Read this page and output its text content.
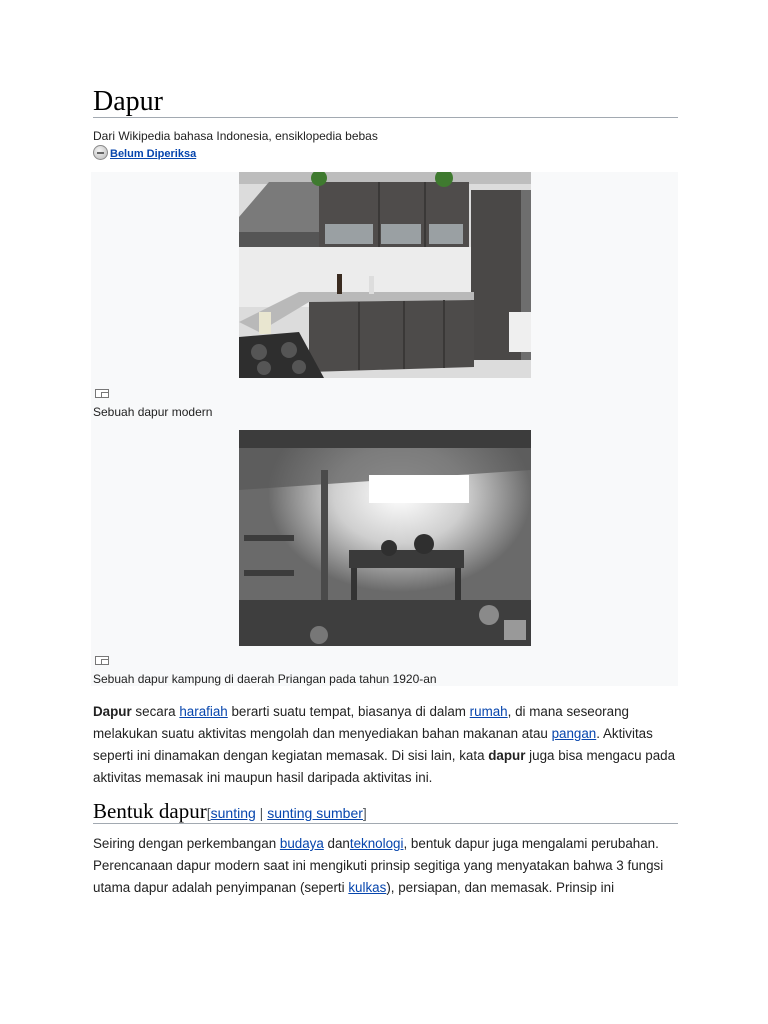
Dapur
Dari Wikipedia bahasa Indonesia, ensiklopedia bebas
Belum Diperiksa
Sebuah dapur modern
Sebuah dapur kampung di daerah Priangan pada tahun 1920-an

Dapur secara harafiah berarti suatu tempat, biasanya di dalam rumah, di mana seseorang melakukan suatu aktivitas mengolah dan menyediakan bahan makanan atau pangan. Aktivitas seperti ini dinamakan dengan kegiatan memasak. Di sisi lain, kata dapur juga bisa mengacu pada aktivitas memasak ini maupun hasil daripada aktivitas ini.

Bentuk dapur[sunting | sunting sumber]

Seiring dengan perkembangan budaya danteknologi, bentuk dapur juga mengalami perubahan. Perencanaan dapur modern saat ini mengikuti prinsip segitiga yang menyatakan bahwa 3 fungsi utama dapur adalah penyimpanan (seperti kulkas), persiapan, dan memasak. Prinsip ini
